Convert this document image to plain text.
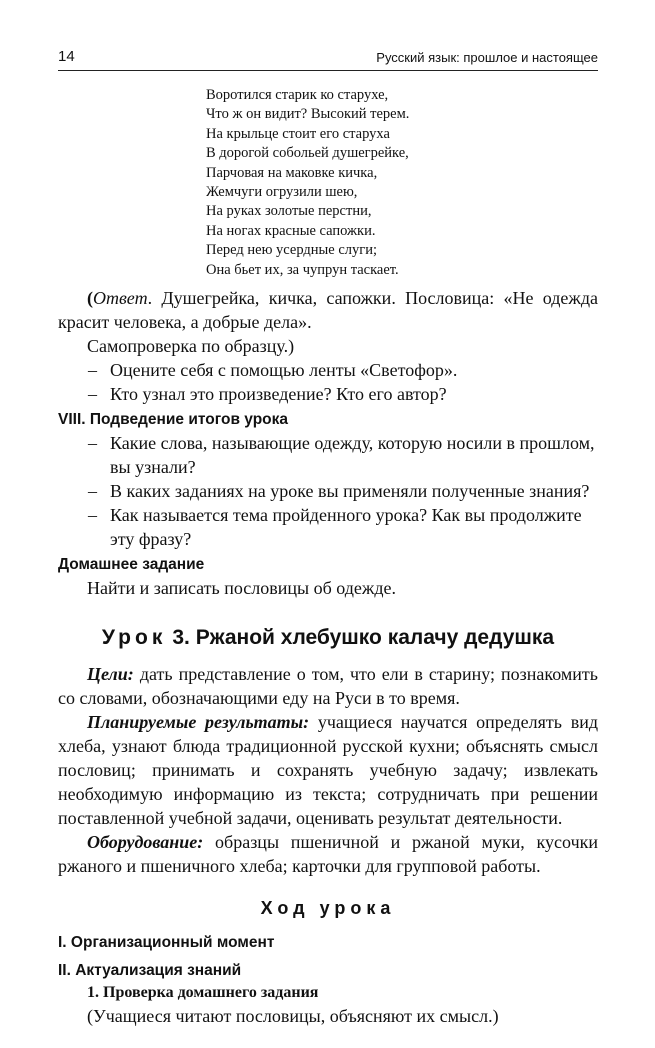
14	Русский язык: прошлое и настоящее
Воротился старик ко старухе,
Что ж он видит? Высокий терем.
На крыльце стоит его старуха
В дорогой собольей душегрейке,
Парчовая на маковке кичка,
Жемчуги огрузили шею,
На руках золотые перстни,
На ногах красные сапожки.
Перед нею усердные слуги;
Она бьет их, за чупрун таскает.

(Ответ. Душегрейка, кичка, сапожки. Пословица: «Не одежда красит человека, а добрые дела».

Самопроверка по образцу.)

– Оцените себя с помощью ленты «Светофор».

– Кто узнал это произведение? Кто его автор?

VIII. Подведение итогов урока

– Какие слова, называющие одежду, которую носили в прошлом, вы узнали?

– В каких заданиях на уроке вы применяли полученные знания?

– Как называется тема пройденного урока? Как вы продолжите эту фразу?

Домашнее задание

Найти и записать пословицы об одежде.

Урок 3. Ржаной хлебушко калачу дедушка

Цели: дать представление о том, что ели в старину; познакомить со словами, обозначающими еду на Руси в то время.

Планируемые результаты: учащиеся научатся определять вид хлеба, узнают блюда традиционной русской кухни; объяснять смысл пословиц; принимать и сохранять учебную задачу; извлекать необходимую информацию из текста; сотрудничать при решении поставленной учебной задачи, оценивать результат деятельности.

Оборудование: образцы пшеничной и ржаной муки, кусочки ржаного и пшеничного хлеба; карточки для групповой работы.

Ход урока

I. Организационный момент

II. Актуализация знаний

1. Проверка домашнего задания

(Учащиеся читают пословицы, объясняют их смысл.)
